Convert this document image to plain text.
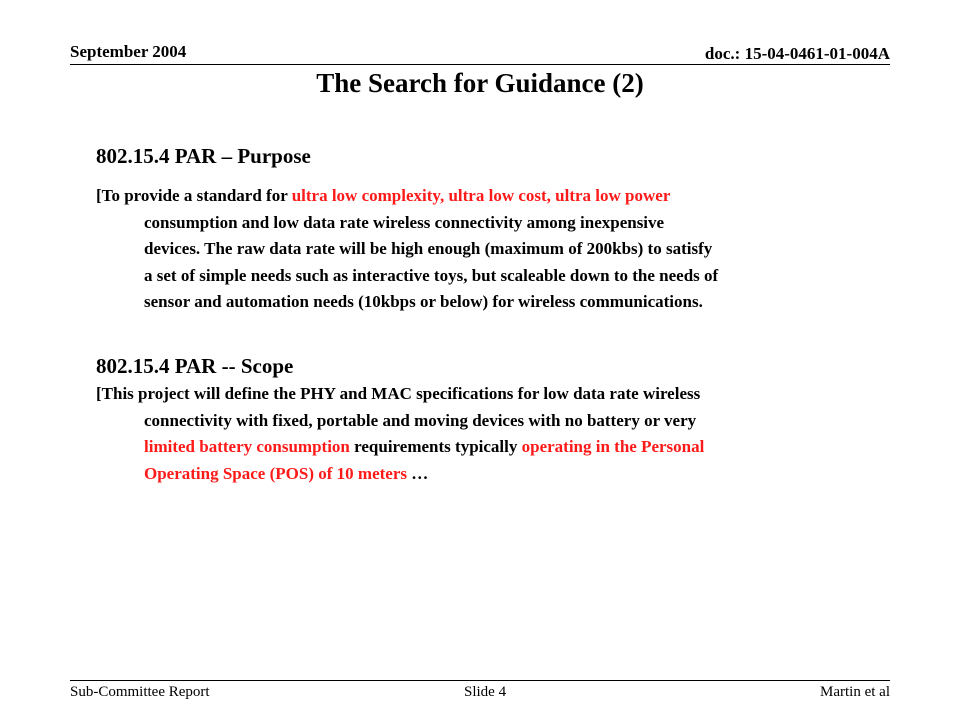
September 2004	doc.: 15-04-0461-01-004A
The Search for Guidance (2)
802.15.4 PAR – Purpose
[To provide a standard for ultra low complexity, ultra low cost, ultra low power
consumption and low data rate wireless connectivity among inexpensive
devices. The raw data rate will be high enough (maximum of 200kbs) to satisfy
a set of simple needs such as interactive toys, but scaleable down to the needs of
sensor and automation needs (10kbps or below) for wireless communications.
802.15.4 PAR -- Scope
[This project will define the PHY and MAC specifications for low data rate wireless
connectivity with fixed, portable and moving devices with no battery or very
limited battery consumption requirements typically operating in the Personal
Operating Space (POS) of 10 meters …
Sub-Committee Report	Slide 4	Martin et al
